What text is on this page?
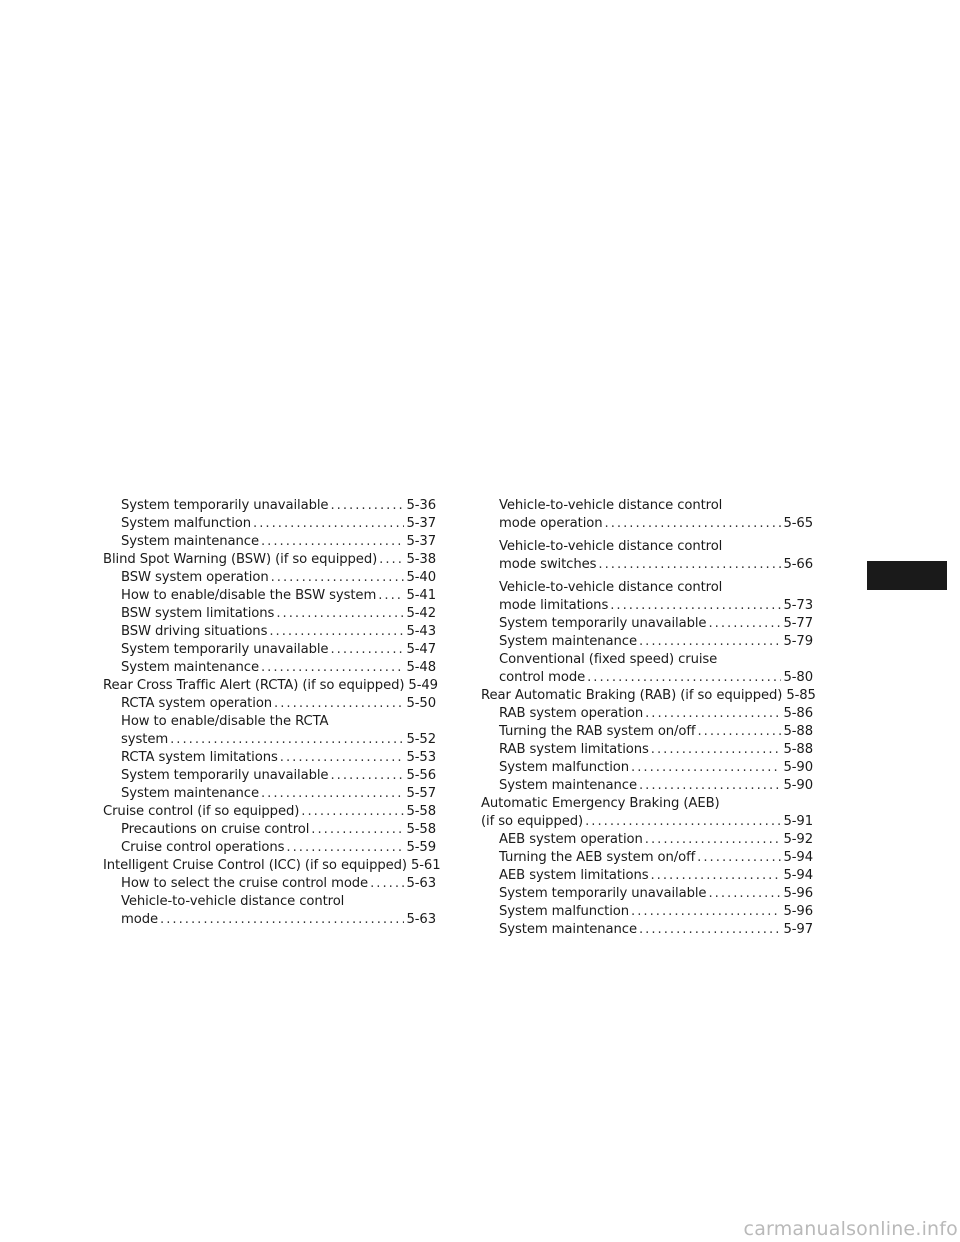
System temporarily unavailable .....	5-36
System malfunction .....	5-37
System maintenance .....	5-37
Blind Spot Warning (BSW) (if so equipped) ..... 5-38
BSW system operation .....	5-40
How to enable/disable the BSW system ..... 5-41
BSW system limitations .....	5-42
BSW driving situations .....	5-43
System temporarily unavailable .....	5-47
System maintenance .....	5-48
Rear Cross Traffic Alert (RCTA) (if so equipped) 5-49
RCTA system operation .....	5-50
How to enable/disable the RCTA
system .....	5-52
RCTA system limitations .....	5-53
System temporarily unavailable .....	5-56
System maintenance .....	5-57
Cruise control (if so equipped) .....	5-58
Precautions on cruise control .....	5-58
Cruise control operations .....	5-59
Intelligent Cruise Control (ICC) (if so equipped) 5-61
How to select the cruise control mode .....	5-63
Vehicle-to-vehicle distance control
mode .....	5-63
Vehicle-to-vehicle distance control
mode operation .....	5-65
Vehicle-to-vehicle distance control
mode switches .....	5-66
Vehicle-to-vehicle distance control
mode limitations .....	5-73
System temporarily unavailable .....	5-77
System maintenance .....	5-79
Conventional (fixed speed) cruise
control mode .....	5-80
Rear Automatic Braking (RAB) (if so equipped) 5-85
RAB system operation .....	5-86
Turning the RAB system on/off .....	5-88
RAB system limitations .....	5-88
System malfunction .....	5-90
System maintenance .....	5-90
Automatic Emergency Braking (AEB)
(if so equipped) .....	5-91
AEB system operation .....	5-92
Turning the AEB system on/off .....	5-94
AEB system limitations .....	5-94
System temporarily unavailable .....	5-96
System malfunction .....	5-96
System maintenance .....	5-97
carmanualsonline.info
